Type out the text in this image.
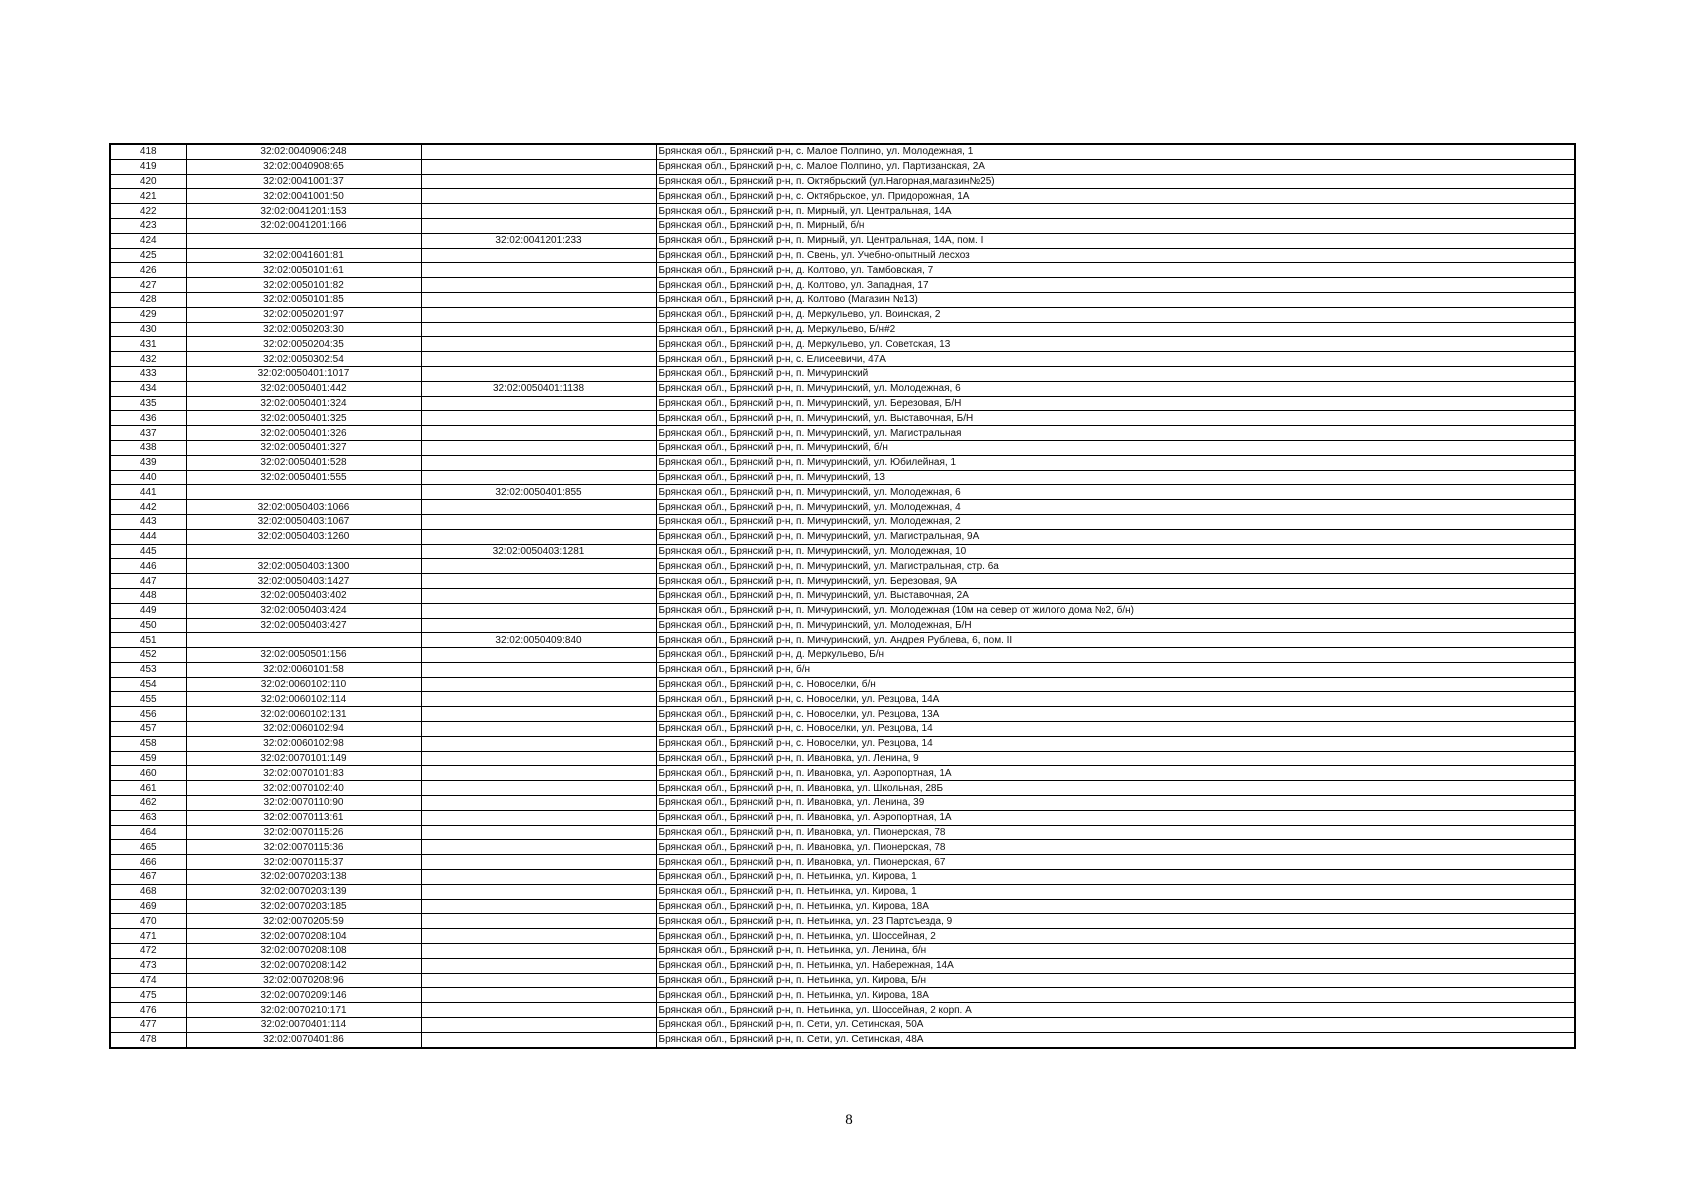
418	32:02:0040906:248		Брянская обл., Брянский р-н, с. Малое Полпино, ул. Молодежная, 1
419	32:02:0040908:65		Брянская обл., Брянский р-н, с. Малое Полпино, ул. Партизанская, 2А
420	32:02:0041001:37		Брянская обл., Брянский р-н, п. Октябрьский (ул.Нагорная,магазин№25)
421	32:02:0041001:50		Брянская обл., Брянский р-н, с. Октябрьское, ул. Придорожная, 1А
422	32:02:0041201:153		Брянская обл., Брянский р-н, п. Мирный, ул. Центральная, 14А
423	32:02:0041201:166		Брянская обл., Брянский р-н, п. Мирный, б/н
424		32:02:0041201:233	Брянская обл., Брянский р-н, п. Мирный, ул. Центральная, 14А, пом. I
425	32:02:0041601:81		Брянская обл., Брянский р-н, п. Свень, ул. Учебно-опытный лесхоз
426	32:02:0050101:61		Брянская обл., Брянский р-н, д. Колтово, ул. Тамбовская, 7
427	32:02:0050101:82		Брянская обл., Брянский р-н, д. Колтово, ул. Западная, 17
428	32:02:0050101:85		Брянская обл., Брянский р-н, д. Колтово (Магазин №13)
429	32:02:0050201:97		Брянская обл., Брянский р-н, д. Меркульево, ул. Воинская, 2
430	32:02:0050203:30		Брянская обл., Брянский р-н, д. Меркульево, Б/н#2
431	32:02:0050204:35		Брянская обл., Брянский р-н, д. Меркульево, ул. Советская, 13
432	32:02:0050302:54		Брянская обл., Брянский р-н, с. Елисеевичи, 47А
433	32:02:0050401:1017		Брянская обл., Брянский р-н, п. Мичуринский
434	32:02:0050401:442	32:02:0050401:1138	Брянская обл., Брянский р-н, п. Мичуринский, ул. Молодежная, 6
435	32:02:0050401:324		Брянская обл., Брянский р-н, п. Мичуринский, ул. Березовая, Б/Н
436	32:02:0050401:325		Брянская обл., Брянский р-н, п. Мичуринский, ул. Выставочная, Б/Н
437	32:02:0050401:326		Брянская обл., Брянский р-н, п. Мичуринский, ул. Магистральная
438	32:02:0050401:327		Брянская обл., Брянский р-н, п. Мичуринский, б/н
439	32:02:0050401:528		Брянская обл., Брянский р-н, п. Мичуринский, ул. Юбилейная, 1
440	32:02:0050401:555		Брянская обл., Брянский р-н, п. Мичуринский, 13
441		32:02:0050401:855	Брянская обл., Брянский р-н, п. Мичуринский, ул. Молодежная, 6
442	32:02:0050403:1066		Брянская обл., Брянский р-н, п. Мичуринский, ул. Молодежная, 4
443	32:02:0050403:1067		Брянская обл., Брянский р-н, п. Мичуринский, ул. Молодежная, 2
444	32:02:0050403:1260		Брянская обл., Брянский р-н, п. Мичуринский, ул. Магистральная, 9А
445		32:02:0050403:1281	Брянская обл., Брянский р-н, п. Мичуринский, ул. Молодежная, 10
446	32:02:0050403:1300		Брянская обл., Брянский р-н, п. Мичуринский, ул. Магистральная, стр. 6а
447	32:02:0050403:1427		Брянская обл., Брянский р-н, п. Мичуринский, ул. Березовая, 9А
448	32:02:0050403:402		Брянская обл., Брянский р-н, п. Мичуринский, ул. Выставочная, 2А
449	32:02:0050403:424		Брянская обл., Брянский р-н, п. Мичуринский, ул. Молодежная (10м на север от жилого дома №2, б/н)
450	32:02:0050403:427		Брянская обл., Брянский р-н, п. Мичуринский, ул. Молодежная, Б/Н
451		32:02:0050409:840	Брянская обл., Брянский р-н, п. Мичуринский, ул. Андрея Рублева, 6, пом. II
452	32:02:0050501:156		Брянская обл., Брянский р-н, д. Меркульево, Б/н
453	32:02:0060101:58		Брянская обл., Брянский р-н, б/н
454	32:02:0060102:110		Брянская обл., Брянский р-н, с. Новоселки, б/н
455	32:02:0060102:114		Брянская обл., Брянский р-н, с. Новоселки, ул. Резцова, 14А
456	32:02:0060102:131		Брянская обл., Брянский р-н, с. Новоселки, ул. Резцова, 13А
457	32:02:0060102:94		Брянская обл., Брянский р-н, с. Новоселки, ул. Резцова, 14
458	32:02:0060102:98		Брянская обл., Брянский р-н, с. Новоселки, ул. Резцова, 14
459	32:02:0070101:149		Брянская обл., Брянский р-н, п. Ивановка, ул. Ленина, 9
460	32:02:0070101:83		Брянская обл., Брянский р-н, п. Ивановка, ул. Аэропортная, 1А
461	32:02:0070102:40		Брянская обл., Брянский р-н, п. Ивановка, ул. Школьная, 28Б
462	32:02:0070110:90		Брянская обл., Брянский р-н, п. Ивановка, ул. Ленина, 39
463	32:02:0070113:61		Брянская обл., Брянский р-н, п. Ивановка, ул. Аэропортная, 1А
464	32:02:0070115:26		Брянская обл., Брянский р-н, п. Ивановка, ул. Пионерская, 78
465	32:02:0070115:36		Брянская обл., Брянский р-н, п. Ивановка, ул. Пионерская, 78
466	32:02:0070115:37		Брянская обл., Брянский р-н, п. Ивановка, ул. Пионерская, 67
467	32:02:0070203:138		Брянская обл., Брянский р-н, п. Нетьинка, ул. Кирова, 1
468	32:02:0070203:139		Брянская обл., Брянский р-н, п. Нетьинка, ул. Кирова, 1
469	32:02:0070203:185		Брянская обл., Брянский р-н, п. Нетьинка, ул. Кирова, 18А
470	32:02:0070205:59		Брянская обл., Брянский р-н, п. Нетьинка, ул. 23 Партсъезда, 9
471	32:02:0070208:104		Брянская обл., Брянский р-н, п. Нетьинка, ул. Шоссейная, 2
472	32:02:0070208:108		Брянская обл., Брянский р-н, п. Нетьинка, ул. Ленина, б/н
473	32:02:0070208:142		Брянская обл., Брянский р-н, п. Нетьинка, ул. Набережная, 14А
474	32:02:0070208:96		Брянская обл., Брянский р-н, п. Нетьинка, ул. Кирова, Б/н
475	32:02:0070209:146		Брянская обл., Брянский р-н, п. Нетьинка, ул. Кирова, 18А
476	32:02:0070210:171		Брянская обл., Брянский р-н, п. Нетьинка, ул. Шоссейная, 2 корп. А
477	32:02:0070401:114		Брянская обл., Брянский р-н, п. Сети, ул. Сетинская, 50А
478	32:02:0070401:86		Брянская обл., Брянский р-н, п. Сети, ул. Сетинская, 48А
8
